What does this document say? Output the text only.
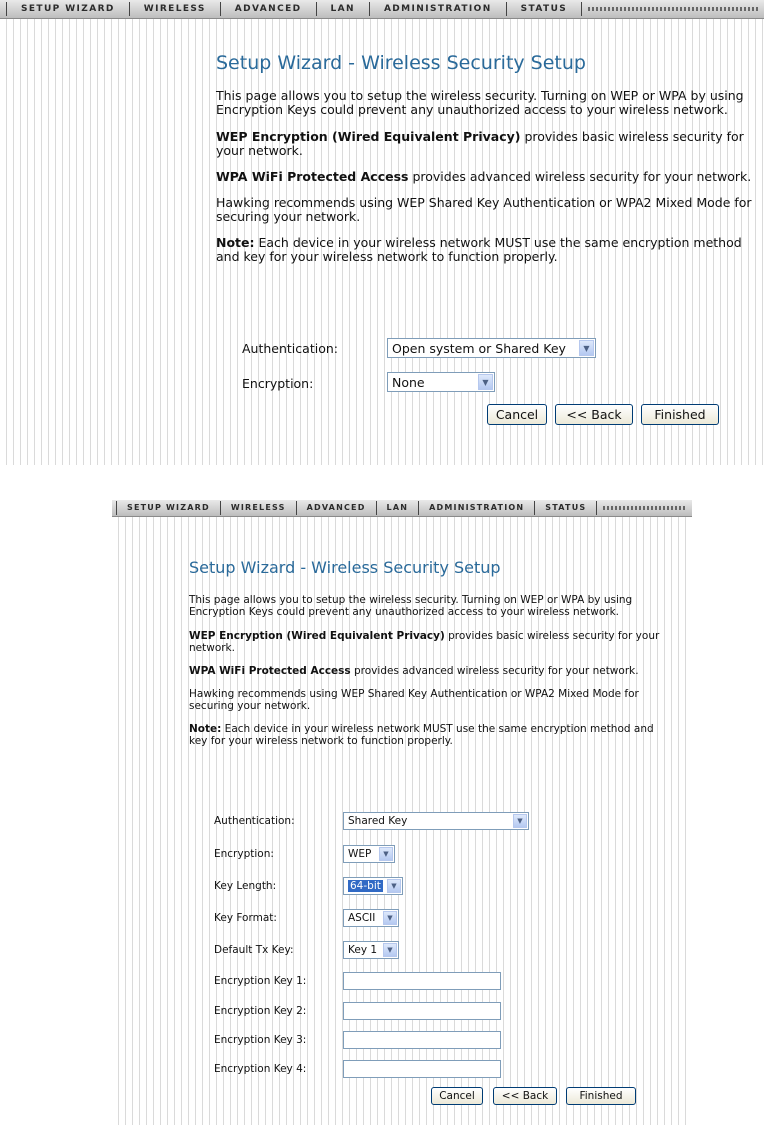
SETUP WIZARD	WIRELESS	ADVANCED	LAN	ADMINISTRATION	STATUS
Setup Wizard - Wireless Security Setup

This page allows you to setup the wireless security. Turning on WEP or WPA by using Encryption Keys could prevent any unauthorized access to your wireless network.

WEP Encryption (Wired Equivalent Privacy) provides basic wireless security for your network.

WPA WiFi Protected Access provides advanced wireless security for your network.

Hawking recommends using WEP Shared Key Authentication or WPA2 Mixed Mode for securing your network.

Note: Each device in your wireless network MUST use the same encryption method and key for your wireless network to function properly.

Authentication:	Open system or Shared Key	▼
Encryption:	None	▼
Cancel	<< Back	Finished
SETUP WIZARD	WIRELESS	ADVANCED	LAN	ADMINISTRATION	STATUS
Setup Wizard - Wireless Security Setup

This page allows you to setup the wireless security. Turning on WEP or WPA by using Encryption Keys could prevent any unauthorized access to your wireless network.

WEP Encryption (Wired Equivalent Privacy) provides basic wireless security for your network.

WPA WiFi Protected Access provides advanced wireless security for your network.

Hawking recommends using WEP Shared Key Authentication or WPA2 Mixed Mode for securing your network.

Note: Each device in your wireless network MUST use the same encryption method and key for your wireless network to function properly.

Authentication:	Shared Key	▼
Encryption:	WEP	▼
Key Length:	64-bit	▼
Key Format:	ASCII	▼
Default Tx Key:	Key 1	▼
Encryption Key 1:
Encryption Key 2:
Encryption Key 3:
Encryption Key 4:
Cancel	<< Back	Finished
